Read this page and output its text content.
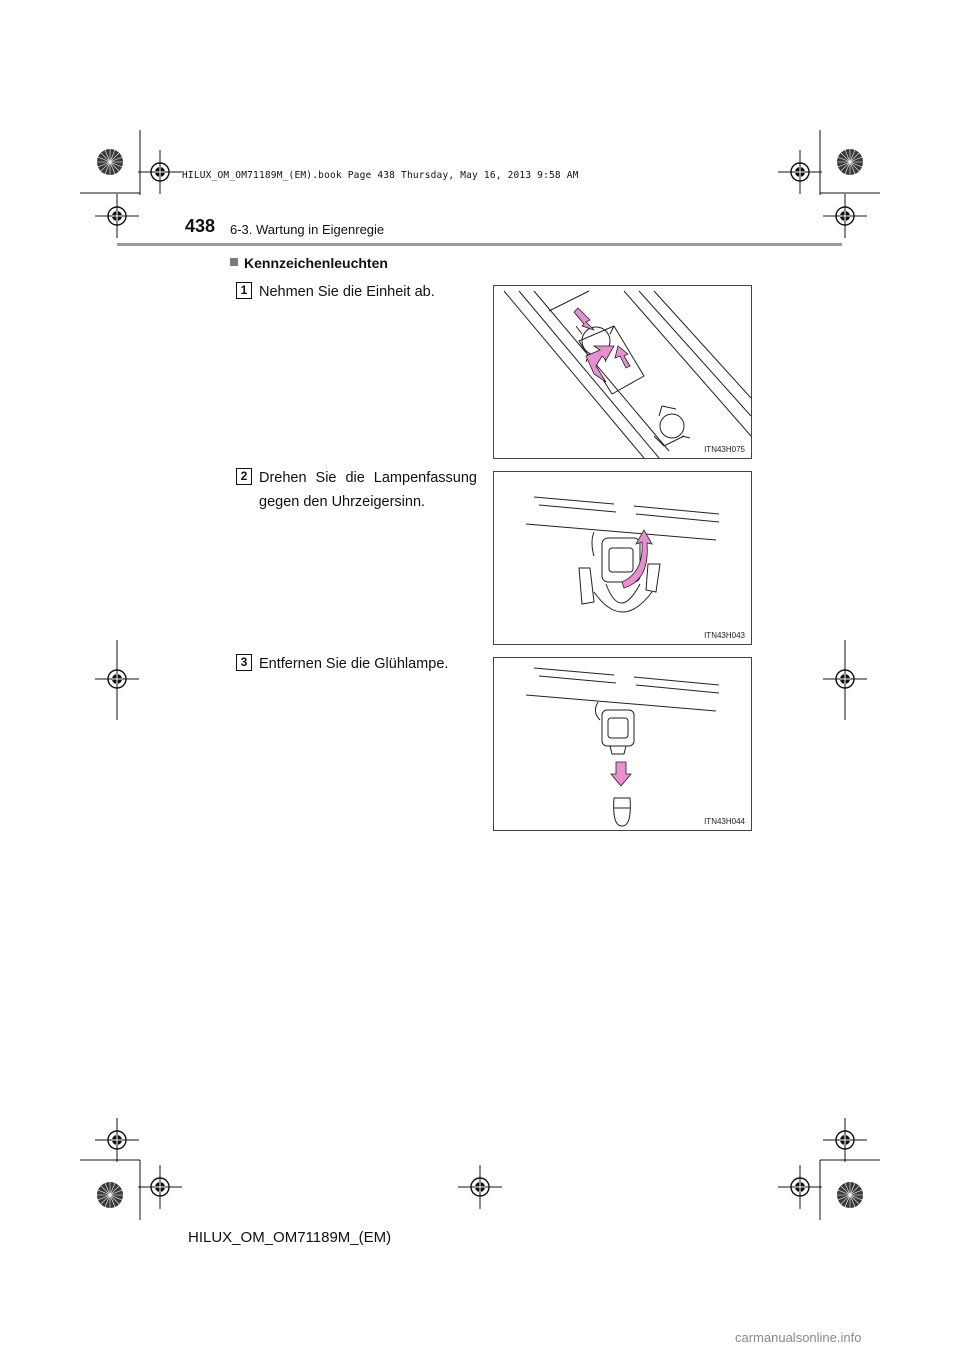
HILUX_OM_OM71189M_(EM).book Page 438 Thursday, May 16, 2013 9:58 AM
438 6-3. Wartung in Eigenregie
Kennzeichenleuchten
1 Nehmen Sie die Einheit ab.
ITN43H075
2 Drehen Sie die Lampenfassung gegen den Uhrzeigersinn.
ITN43H043
3 Entfernen Sie die Glühlampe.
ITN43H044
HILUX_OM_OM71189M_(EM)
carmanualsonline.info
